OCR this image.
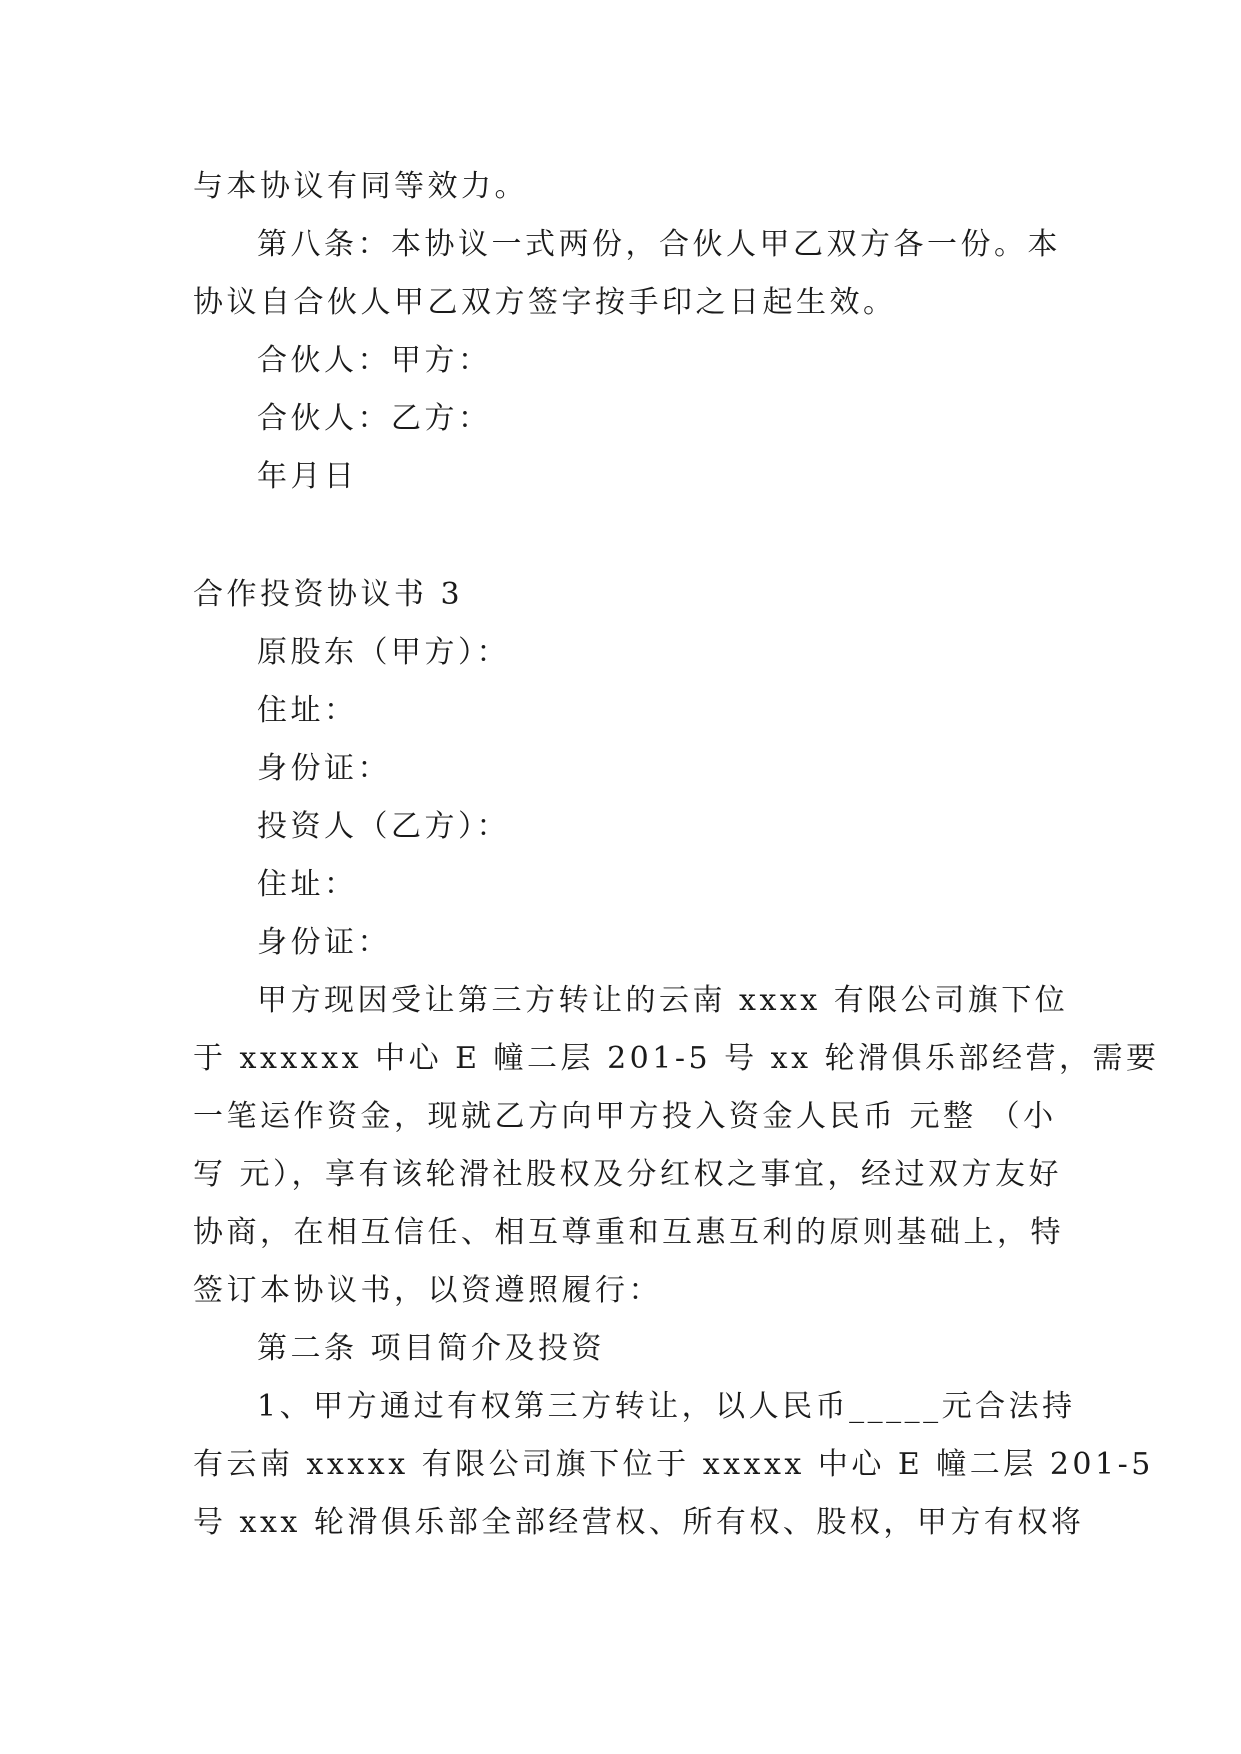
与本协议有同等效力。
第八条：本协议一式两份，合伙人甲乙双方各一份。本
协议自合伙人甲乙双方签字按手印之日起生效。
合伙人：甲方：
合伙人：乙方：
年月日
合作投资协议书 3
原股东（甲方）：
住址：
身份证：
投资人（乙方）：
住址：
身份证：
甲方现因受让第三方转让的云南 xxxx 有限公司旗下位
于 xxxxxx 中心 E 幢二层 201-5 号 xx 轮滑俱乐部经营，需要
一笔运作资金，现就乙方向甲方投入资金人民币 元整 （小
写 元），享有该轮滑社股权及分红权之事宜，经过双方友好
协商，在相互信任、相互尊重和互惠互利的原则基础上，特
签订本协议书，以资遵照履行：
第二条 项目简介及投资
1、甲方通过有权第三方转让，以人民币_____元合法持
有云南 xxxxx 有限公司旗下位于 xxxxx 中心 E 幢二层 201-5
号 xxx 轮滑俱乐部全部经营权、所有权、股权，甲方有权将
